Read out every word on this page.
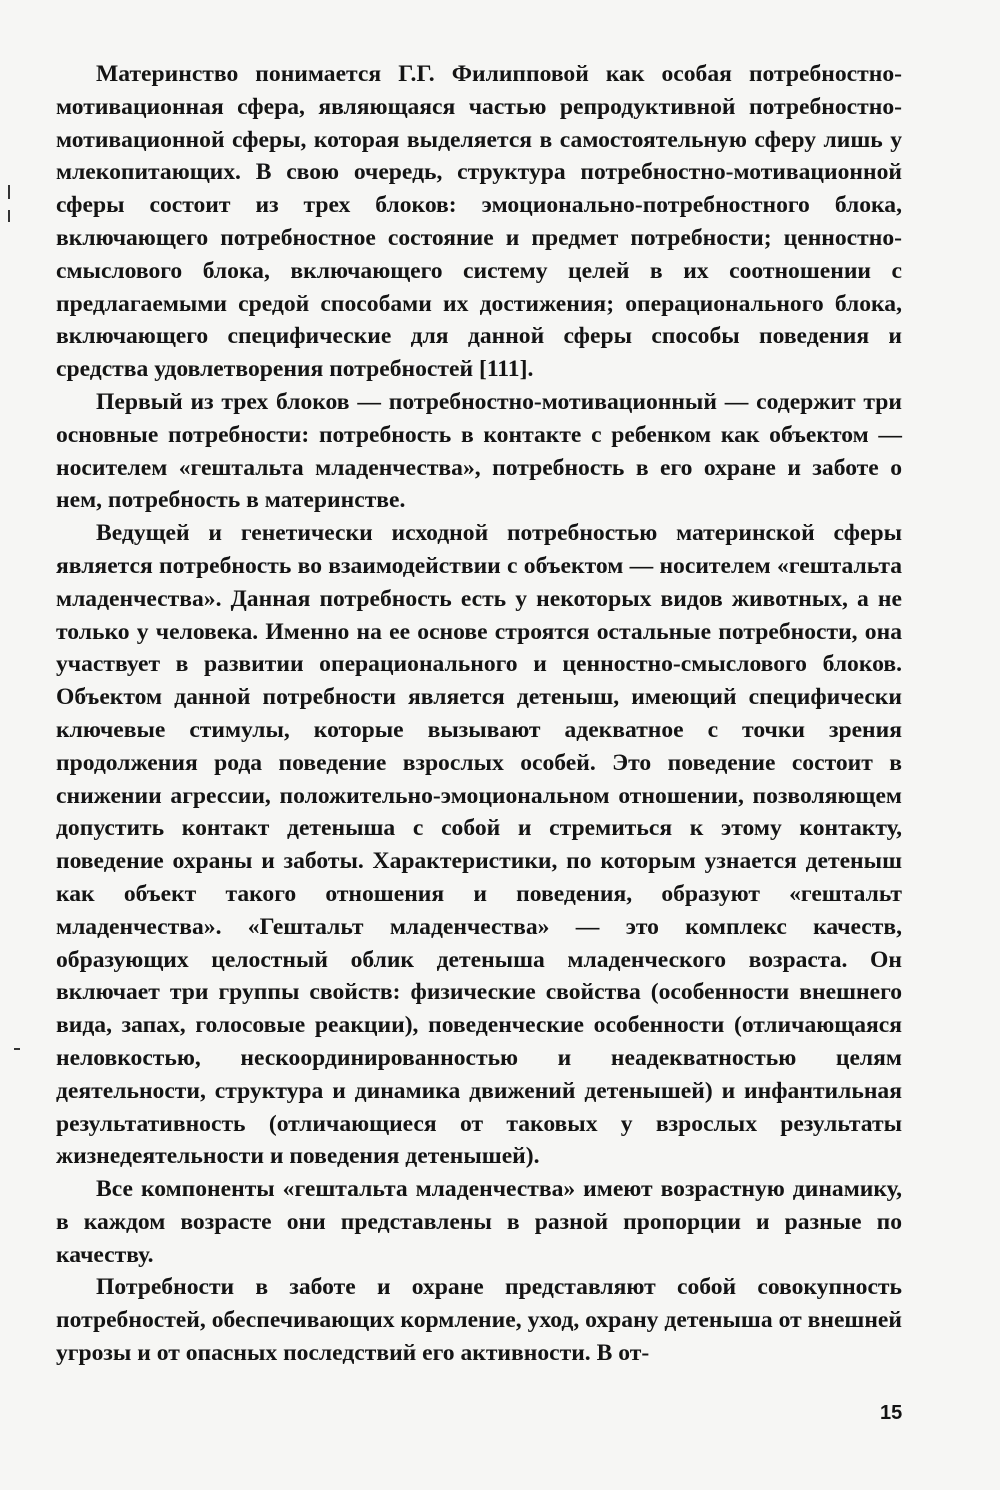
Материнство понимается Г.Г. Филипповой как особая потребностно-мотивационная сфера, являющаяся частью репродуктивной потребностно-мотивационной сферы, которая выделяется в самостоятельную сферу лишь у млекопитающих. В свою очередь, структура потребностно-мотивационной сферы состоит из трех блоков: эмоционально-потребностного блока, включающего потребностное состояние и предмет потребности; ценностно-смыслового блока, включающего систему целей в их соотношении с предлагаемыми средой способами их достижения; операционального блока, включающего специфические для данной сферы способы поведения и средства удовлетворения потребностей [111].

Первый из трех блоков — потребностно-мотивационный — содержит три основные потребности: потребность в контакте с ребенком как объектом — носителем «гештальта младенчества», потребность в его охране и заботе о нем, потребность в материнстве.

Ведущей и генетически исходной потребностью материнской сферы является потребность во взаимодействии с объектом — носителем «гештальта младенчества». Данная потребность есть у некоторых видов животных, а не только у человека. Именно на ее основе строятся остальные потребности, она участвует в развитии операционального и ценностно-смыслового блоков. Объектом данной потребности является детеныш, имеющий специфически ключевые стимулы, которые вызывают адекватное с точки зрения продолжения рода поведение взрослых особей. Это поведение состоит в снижении агрессии, положительно-эмоциональном отношении, позволяющем допустить контакт детеныша с собой и стремиться к этому контакту, поведение охраны и заботы. Характеристики, по которым узнается детеныш как объект такого отношения и поведения, образуют «гештальт младенчества». «Гештальт младенчества» — это комплекс качеств, образующих целостный облик детеныша младенческого возраста. Он включает три группы свойств: физические свойства (особенности внешнего вида, запах, голосовые реакции), поведенческие особенности (отличающаяся неловкостью, нескоординированностью и неадекватностью целям деятельности, структура и динамика движений детенышей) и инфантильная результативность (отличающиеся от таковых у взрослых результаты жизнедеятельности и поведения детенышей).

Все компоненты «гештальта младенчества» имеют возрастную динамику, в каждом возрасте они представлены в разной пропорции и разные по качеству.

Потребности в заботе и охране представляют собой совокупность потребностей, обеспечивающих кормление, уход, охрану детеныша от внешней угрозы и от опасных последствий его активности. В от-

15
